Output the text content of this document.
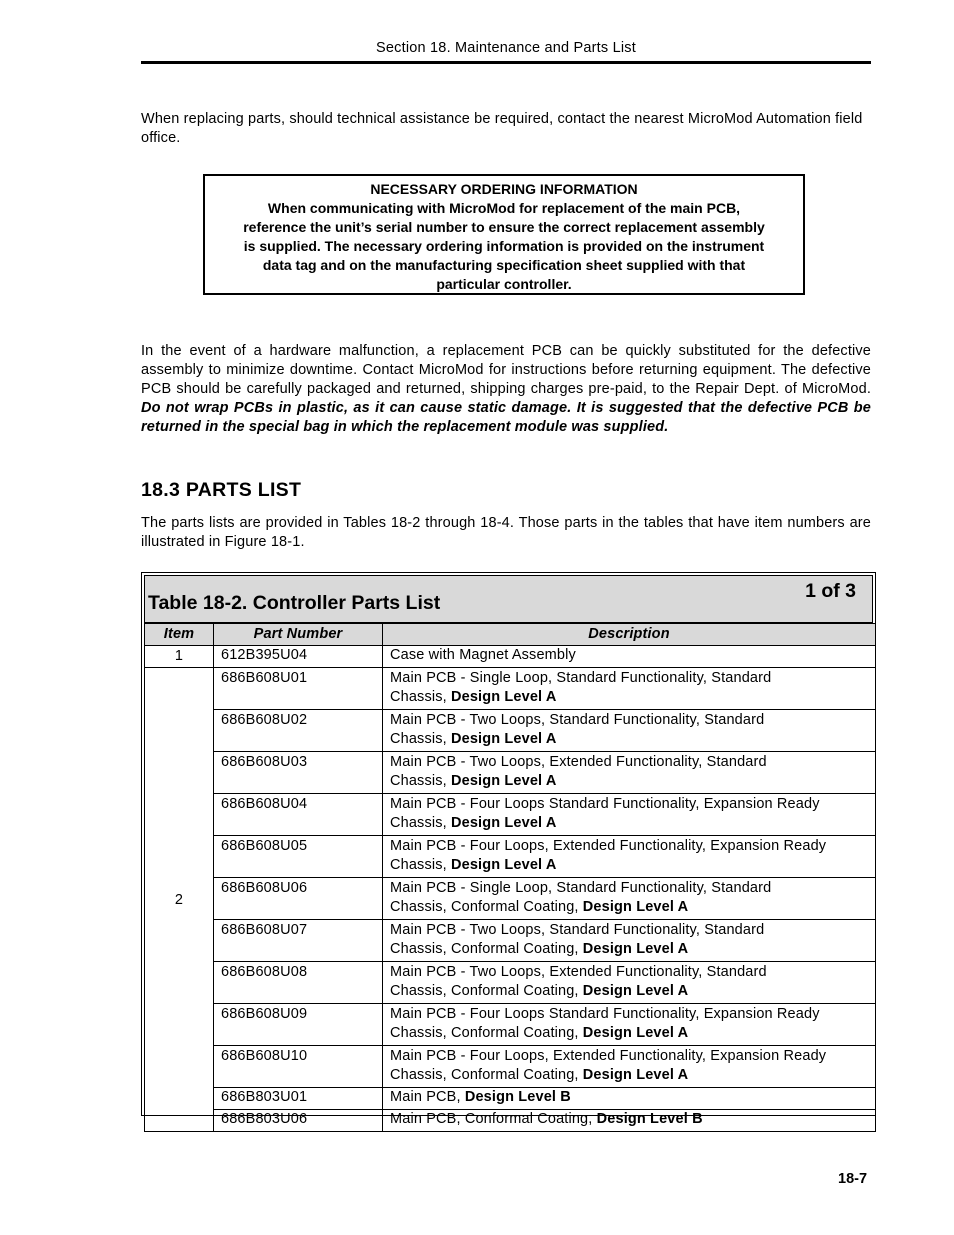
Section 18. Maintenance and Parts List
When replacing parts, should technical assistance be required, contact the nearest MicroMod Automation field office.
NECESSARY ORDERING INFORMATION
When communicating with MicroMod for replacement of the main PCB,
reference the unit’s serial number to ensure the correct replacement assembly
is supplied. The necessary ordering information is provided on the instrument
data tag and on the manufacturing specification sheet supplied with that
particular controller.
In the event of a hardware malfunction, a replacement PCB can be quickly substituted for the defective assembly to minimize downtime. Contact MicroMod for instructions before returning equipment. The defective PCB should be carefully packaged and returned, shipping charges pre-paid, to the Repair Dept. of MicroMod. Do not wrap PCBs in plastic, as it can cause static damage. It is suggested that the defective PCB be returned in the special bag in which the replacement module was supplied.
18.3 PARTS LIST
The parts lists are provided in Tables 18-2 through 18-4. Those parts in the tables that have item numbers are illustrated in Figure 18-1.
Table 18-2. Controller Parts List
1 of 3
Item	Part Number	Description
1	612B395U04	Case with Magnet Assembly
2	686B608U01	Main PCB - Single Loop, Standard Functionality, Standard
Chassis, Design Level A
	686B608U02	Main PCB - Two Loops, Standard Functionality, Standard
Chassis, Design Level A
	686B608U03	Main PCB - Two Loops, Extended Functionality, Standard
Chassis, Design Level A
	686B608U04	Main PCB - Four Loops Standard Functionality, Expansion Ready
Chassis, Design Level A
	686B608U05	Main PCB - Four Loops, Extended Functionality, Expansion Ready
Chassis, Design Level A
	686B608U06	Main PCB - Single Loop, Standard Functionality, Standard
Chassis, Conformal Coating, Design Level A
	686B608U07	Main PCB - Two Loops, Standard Functionality, Standard
Chassis, Conformal Coating, Design Level A
	686B608U08	Main PCB - Two Loops, Extended Functionality, Standard
Chassis, Conformal Coating, Design Level A
	686B608U09	Main PCB - Four Loops Standard Functionality, Expansion Ready
Chassis, Conformal Coating, Design Level A
	686B608U10	Main PCB - Four Loops, Extended Functionality, Expansion Ready
Chassis, Conformal Coating, Design Level A
	686B803U01	Main PCB, Design Level B
	686B803U06	Main PCB, Conformal Coating, Design Level B
18-7
